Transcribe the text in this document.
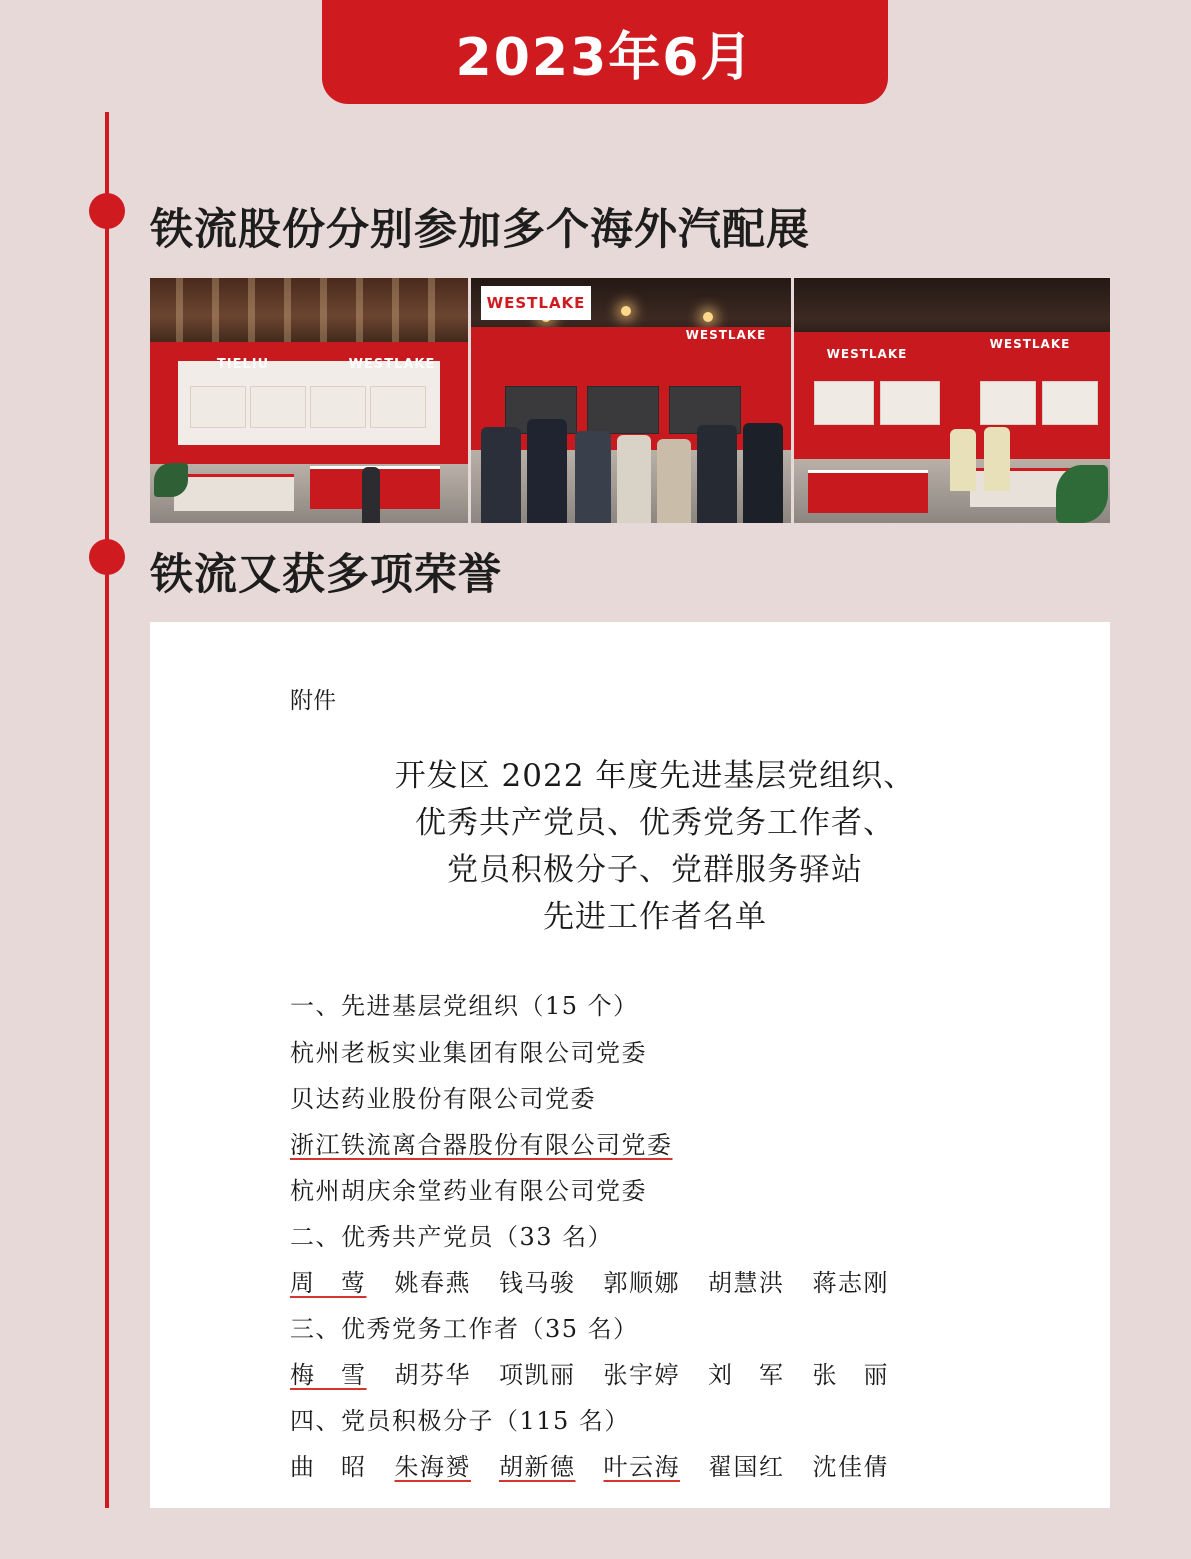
2023年6月
铁流股份分别参加多个海外汽配展
铁流又获多项荣誉
TIELIU	WESTLAKE
WESTLAKE
WESTLAKE
WESTLAKE
WESTLAKE
附件
开发区 2022 年度先进基层党组织、
优秀共产党员、优秀党务工作者、
党员积极分子、党群服务驿站
先进工作者名单
一、先进基层党组织（15 个）
杭州老板实业集团有限公司党委
贝达药业股份有限公司党委
浙江铁流离合器股份有限公司党委
杭州胡庆余堂药业有限公司党委
二、优秀共产党员（33 名）
周　莺 姚春燕 钱马骏 郭顺娜 胡慧洪 蒋志刚
三、优秀党务工作者（35 名）
梅　雪 胡芬华 项凯丽 张宇婷 刘　军 张　丽
四、党员积极分子（115 名）
曲　昭 朱海赟 胡新德 叶云海 翟国红 沈佳倩
